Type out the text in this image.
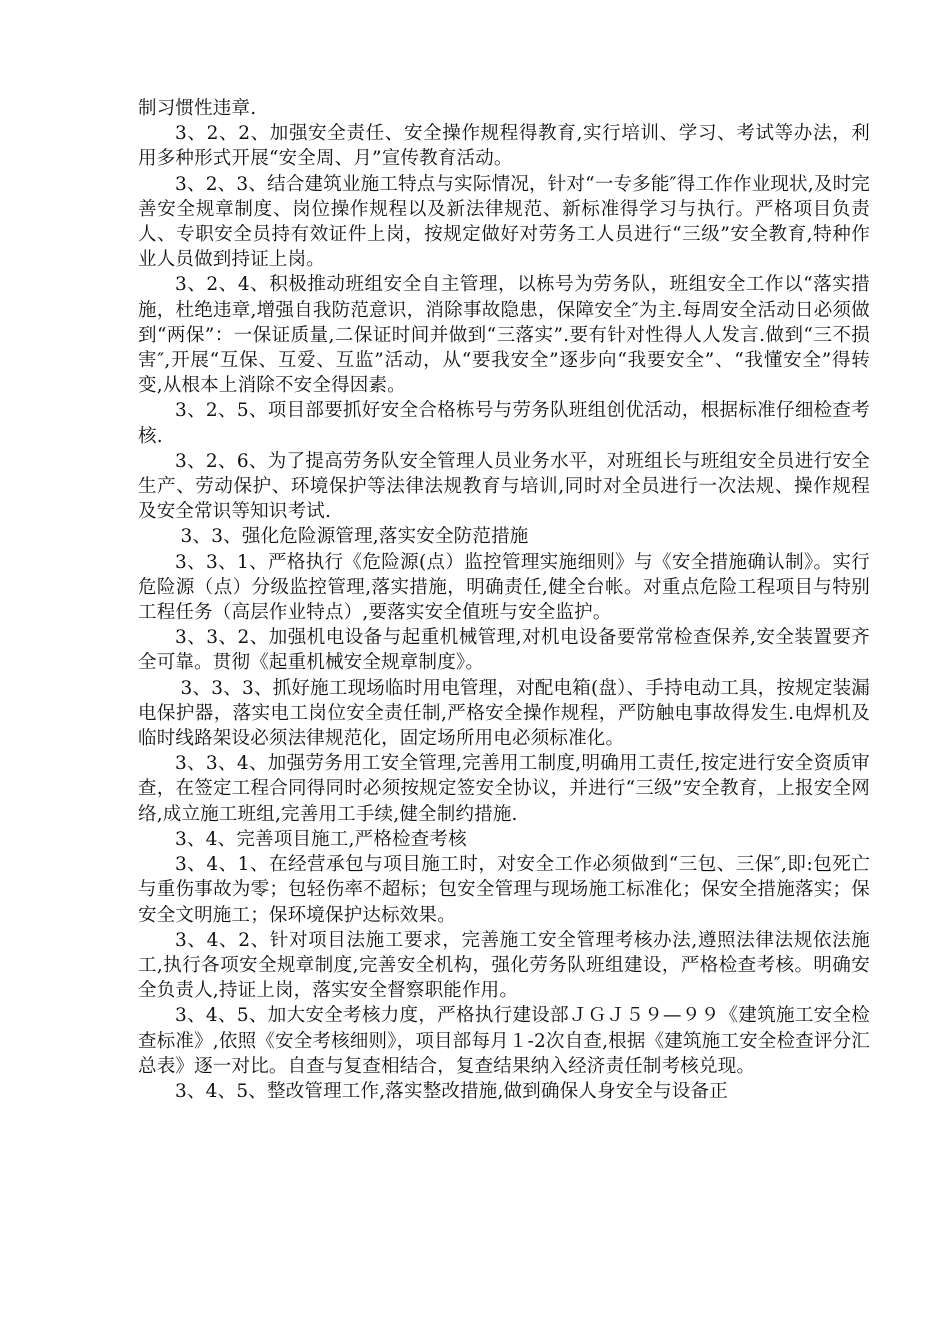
制习惯性违章.

3、2、2、加强安全责任、安全操作规程得教育,实行培训、学习、考试等办法，利用多种形式开展“安全周、月”宣传教育活动。

3、2、3、结合建筑业施工特点与实际情况，针对“一专多能″得工作作业现状,及时完善安全规章制度、岗位操作规程以及新法律规范、新标准得学习与执行。严格项目负责人、专职安全员持有效证件上岗，按规定做好对劳务工人员进行“三级”安全教育,特种作业人员做到持证上岗。

3、2、4、积极推动班组安全自主管理，以栋号为劳务队，班组安全工作以“落实措施，杜绝违章,增强自我防范意识，消除事故隐患，保障安全″为主.每周安全活动日必须做到“两保”：一保证质量,二保证时间并做到“三落实”.要有针对性得人人发言.做到“三不损害″,开展“互保、互爱、互监”活动，从“要我安全”逐步向“我要安全”、“我懂安全”得转变,从根本上消除不安全得因素。

3、2、5、项目部要抓好安全合格栋号与劳务队班组创优活动，根据标准仔细检查考核.

3、2、6、为了提高劳务队安全管理人员业务水平，对班组长与班组安全员进行安全生产、劳动保护、环境保护等法律法规教育与培训,同时对全员进行一次法规、操作规程及安全常识等知识考试.

3、3、强化危险源管理,落实安全防范措施

3、3、1、严格执行《危险源(点）监控管理实施细则》与《安全措施确认制》。实行危险源（点）分级监控管理,落实措施，明确责任,健全台帐。对重点危险工程项目与特别工程任务（高层作业特点）,要落实安全值班与安全监护。

3、3、2、加强机电设备与起重机械管理,对机电设备要常常检查保养,安全装置要齐全可靠。贯彻《起重机械安全规章制度》。

3、3、3、抓好施工现场临时用电管理，对配电箱(盘）、手持电动工具，按规定装漏电保护器，落实电工岗位安全责任制,严格安全操作规程，严防触电事故得发生.电焊机及临时线路架设必须法律规范化，固定场所用电必须标准化。

3、3、4、加强劳务用工安全管理,完善用工制度,明确用工责任,按定进行安全资质审查，在签定工程合同得同时必须按规定签安全协议，并进行“三级”安全教育，上报安全网络,成立施工班组,完善用工手续,健全制约措施.

3、4、完善项目施工,严格检查考核

3、4、1、在经营承包与项目施工时，对安全工作必须做到“三包、三保″,即:包死亡与重伤事故为零；包轻伤率不超标；包安全管理与现场施工标准化；保安全措施落实；保安全文明施工；保环境保护达标效果。

3、4、2、针对项目法施工要求，完善施工安全管理考核办法,遵照法律法规依法施工,执行各项安全规章制度,完善安全机构，强化劳务队班组建设，严格检查考核。明确安全负责人,持证上岗，落实安全督察职能作用。

3、4、5、加大安全考核力度，严格执行建设部ＪＧＪ５９—９９《建筑施工安全检查标准》,依照《安全考核细则》，项目部每月１-2次自查,根据《建筑施工安全检查评分汇总表》逐一对比。自查与复查相结合，复查结果纳入经济责任制考核兑现。

3、4、5、整改管理工作,落实整改措施,做到确保人身安全与设备正
